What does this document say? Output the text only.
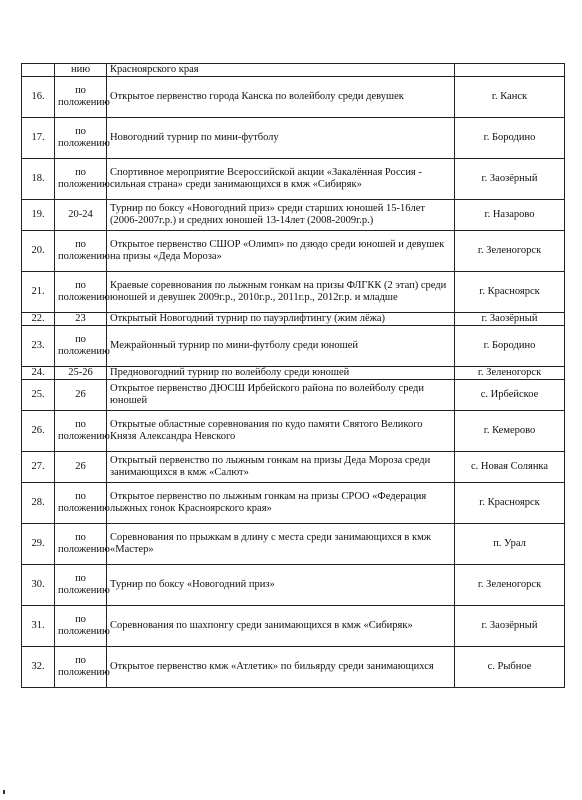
	нию	Красноярского края	
16.	по положению	Открытое первенство города Канска по волейболу среди девушек	г. Канск
17.	по положению	Новогодний турнир по мини-футболу	г. Бородино
18.	по положению	Спортивное мероприятие Всероссийской акции «Закалённая Россия - сильная страна» среди занимающихся в кмж «Сибиряк»	г. Заозёрный
19.	20-24	Турнир по боксу «Новогодний приз» среди старших юношей 15-16лет (2006-2007г.р.) и средних юношей 13-14лет (2008-2009г.р.)	г. Назарово
20.	по положению	Открытое первенство СШОР «Олимп» по дзюдо среди юношей и девушек на призы «Деда Мороза»	г. Зеленогорск
21.	по положению	Краевые соревнования по лыжным гонкам на призы ФЛГКК (2 этап) среди юношей и девушек 2009г.р., 2010г.р., 2011г.р., 2012г.р. и младше	г. Красноярск
22.	23	Открытый Новогодний турнир по пауэрлифтингу (жим лёжа)	г. Заозёрный
23.	по положению	Межрайонный турнир по мини-футболу среди юношей	г. Бородино
24.	25-26	Предновогодний турнир по волейболу среди юношей	г. Зеленогорск
25.	26	Открытое первенство ДЮСШ Ирбейского района по волейболу среди юношей	с. Ирбейское
26.	по положению	Открытые областные соревнования по кудо памяти Святого Великого Князя Александра Невского	г. Кемерово
27.	26	Открытый первенство по лыжным гонкам на призы Деда Мороза среди занимающихся в кмж «Салют»	с. Новая Солянка
28.	по положению	Открытое первенство по лыжным гонкам на призы СРОО «Федерация лыжных гонок Красноярского края»	г. Красноярск
29.	по положению	Соревнования по прыжкам в длину с места среди занимающихся в кмж «Мастер»	п. Урал
30.	по положению	Турнир по боксу «Новогодний приз»	г. Зеленогорск
31.	по положению	Соревнования по шахпонгу среди занимающихся в кмж «Сибиряк»	г. Заозёрный
32.	по положению	Открытое первенство кмж «Атлетик» по бильярду среди занимающихся	с. Рыбное
